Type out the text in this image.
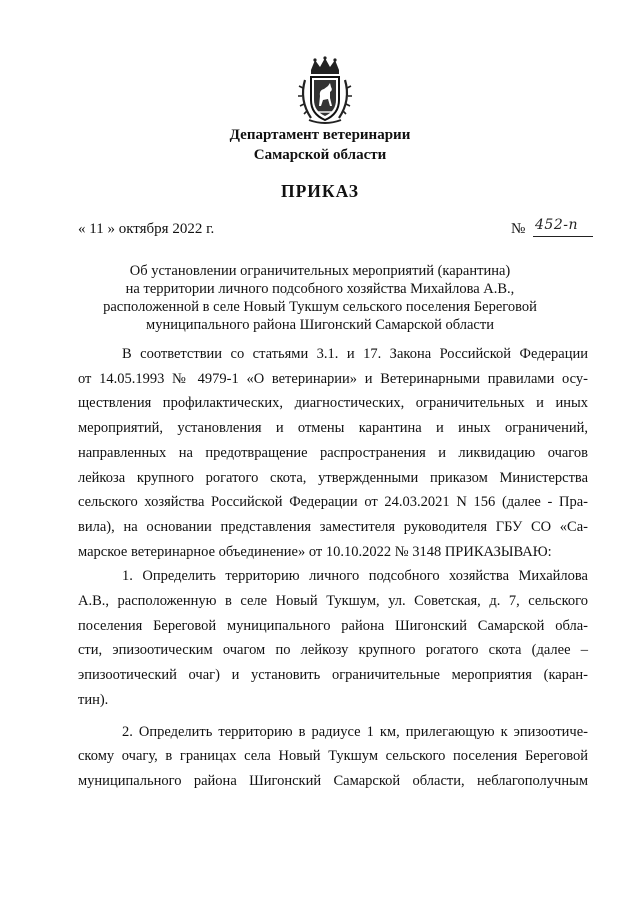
Департамент ветеринарии
Самарской области
ПРИКАЗ
« 11 » октября 2022 г.	№ 452-п
Об установлении ограничительных мероприятий (карантина)
на территории личного подсобного хозяйства Михайлова А.В.,
расположенной в селе Новый Тукшум сельского поселения Береговой
муниципального района Шигонский Самарской области
В соответствии со статьями 3.1. и 17. Закона Российской Федерации
от 14.05.1993 № 4979-1 «О ветеринарии» и Ветеринарными правилами осу-
ществления профилактических, диагностических, ограничительных и иных
мероприятий, установления и отмены карантина и иных ограничений,
направленных на предотвращение распространения и ликвидацию очагов
лейкоза крупного рогатого скота, утвержденными приказом Министерства
сельского хозяйства Российской Федерации от 24.03.2021 N 156 (далее - Пра-
вила), на основании представления заместителя руководителя ГБУ СО «Са-
марское ветеринарное объединение» от 10.10.2022 № 3148 ПРИКАЗЫВАЮ:
1. Определить территорию личного подсобного хозяйства Михайлова
А.В., расположенную в селе Новый Тукшум, ул. Советская, д. 7, сельского
поселения Береговой муниципального района Шигонский Самарской обла-
сти, эпизоотическим очагом по лейкозу крупного рогатого скота (далее –
эпизоотический очаг) и установить ограничительные мероприятия (каран-
тин).
2. Определить территорию в радиусе 1 км, прилегающую к эпизоотиче-
скому очагу, в границах села Новый Тукшум сельского поселения Береговой
муниципального района Шигонский Самарской области, неблагополучным
